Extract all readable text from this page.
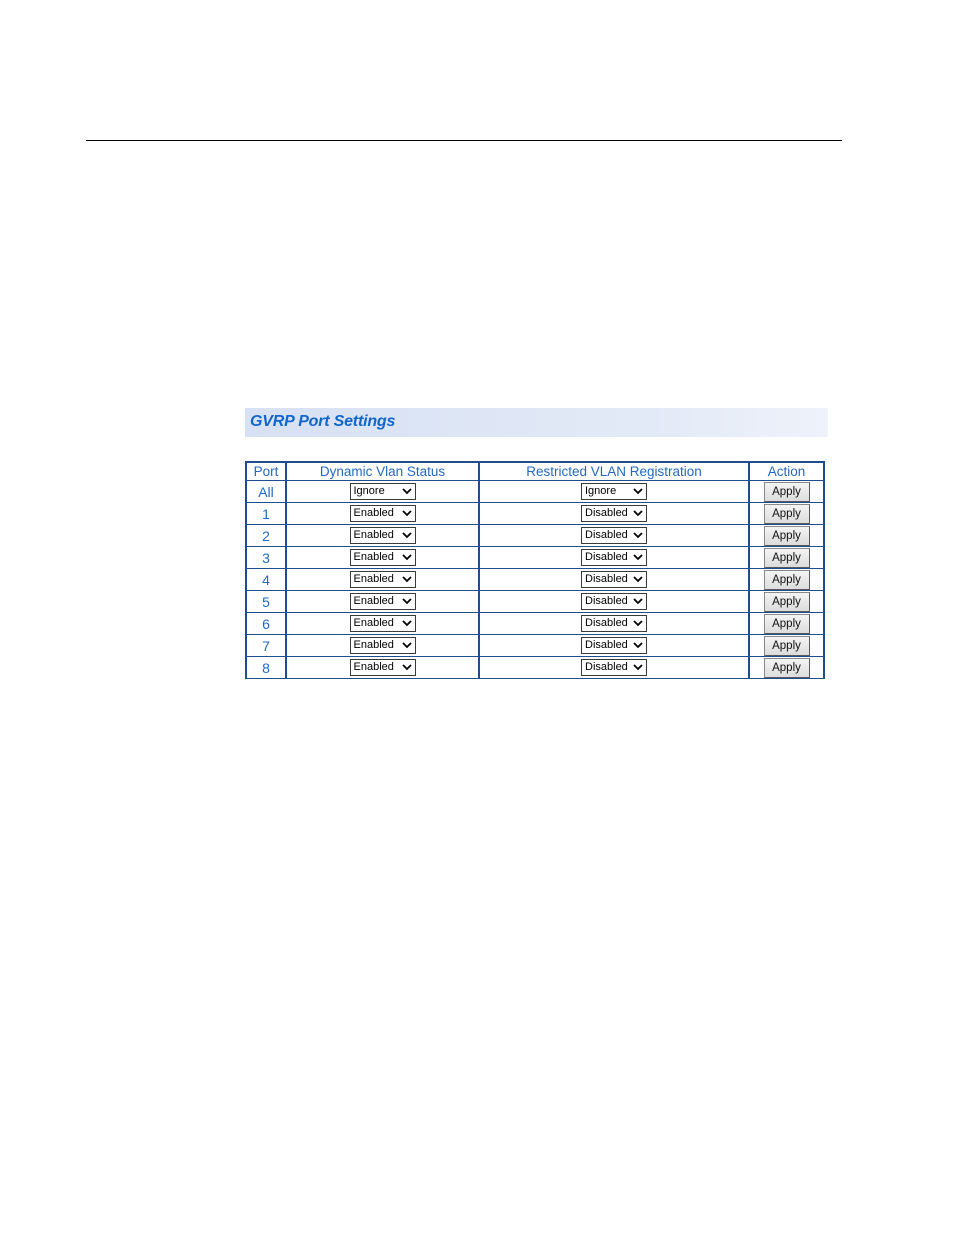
GVRP Port Settings
Port	Dynamic Vlan Status	Restricted VLAN Registration	Action
All	Ignore	Ignore	Apply
1	Enabled	Disabled	Apply
2	Enabled	Disabled	Apply
3	Enabled	Disabled	Apply
4	Enabled	Disabled	Apply
5	Enabled	Disabled	Apply
6	Enabled	Disabled	Apply
7	Enabled	Disabled	Apply
8	Enabled	Disabled	Apply
